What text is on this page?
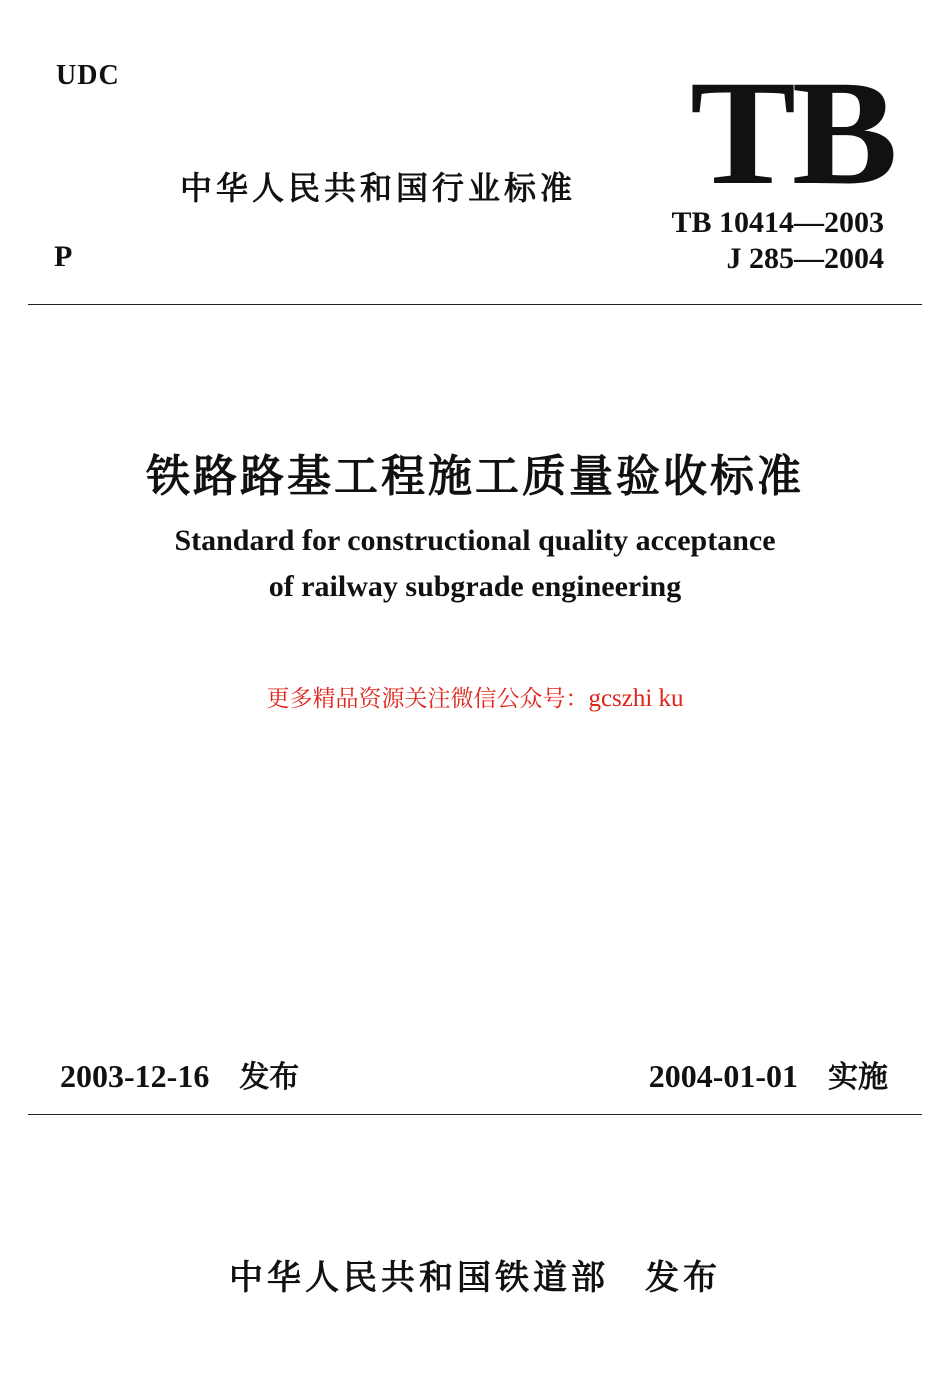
UDC	TB
中华人民共和国行业标准
TB 10414—2003
J 285—2004
P
铁路路基工程施工质量验收标准
Standard for constructional quality acceptance
of railway subgrade engineering
更多精品资源关注微信公众号：gcszhi ku
2003-12-16 发布	2004-01-01 实施
中华人民共和国铁道部 发布
